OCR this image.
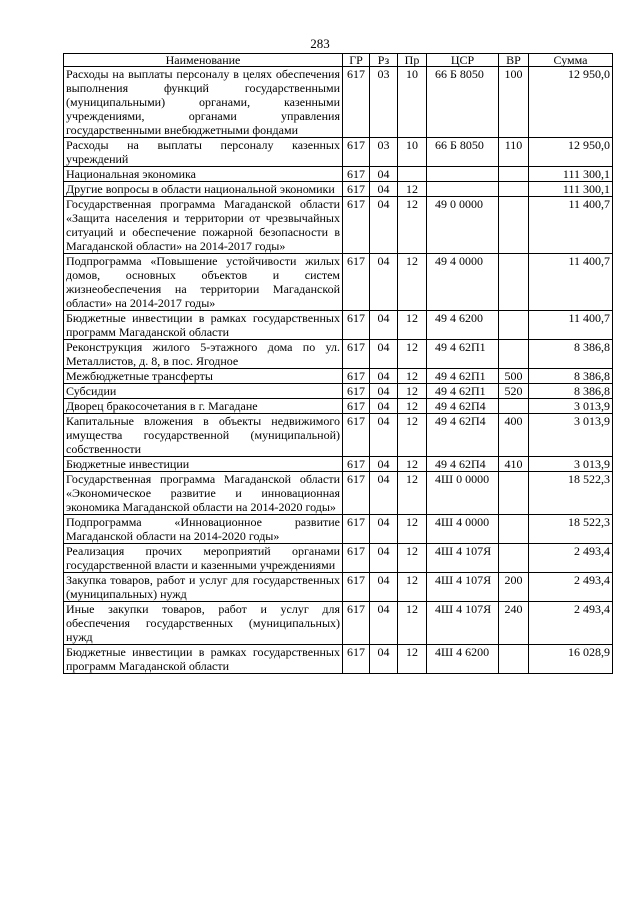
283
Наименование	ГР	Рз	Пр	ЦСР	ВР	Сумма
Расходы на выплаты персоналу в целях обеспечения выполнения функций государственными (муниципальными) органами, казенными учреждениями, органами управления государственными внебюджетными фондами	617	03	10	66 Б 8050	100	12 950,0
Расходы на выплаты персоналу казенных учреждений	617	03	10	66 Б 8050	110	12 950,0
Национальная экономика	617	04				111 300,1
Другие вопросы в области национальной экономики	617	04	12			111 300,1
Государственная программа Магаданской области «Защита населения и территории от чрезвычайных ситуаций и обеспечение пожарной безопасности в Магаданской области» на 2014-2017 годы»	617	04	12	49 0 0000		11 400,7
Подпрограмма «Повышение устойчивости жилых домов, основных объектов и систем жизнеобеспечения на территории Магаданской области» на 2014-2017 годы»	617	04	12	49 4 0000		11 400,7
Бюджетные инвестиции в рамках государственных программ Магаданской области	617	04	12	49 4 6200		11 400,7
Реконструкция жилого 5-этажного дома по ул. Металлистов, д. 8, в пос. Ягодное	617	04	12	49 4 62П1		8 386,8
Межбюджетные трансферты	617	04	12	49 4 62П1	500	8 386,8
Субсидии	617	04	12	49 4 62П1	520	8 386,8
Дворец бракосочетания в г. Магадане	617	04	12	49 4 62П4		3 013,9
Капитальные вложения в объекты недвижимого имущества государственной (муниципальной) собственности	617	04	12	49 4 62П4	400	3 013,9
Бюджетные инвестиции	617	04	12	49 4 62П4	410	3 013,9
Государственная программа Магаданской области «Экономическое развитие и инновационная экономика Магаданской области на 2014-2020 годы»	617	04	12	4Ш 0 0000		18 522,3
Подпрограмма «Инновационное развитие Магаданской области на 2014-2020 годы»	617	04	12	4Ш 4 0000		18 522,3
Реализация прочих мероприятий органами государственной власти и казенными учреждениями	617	04	12	4Ш 4 107Я		2 493,4
Закупка товаров, работ и услуг для государственных (муниципальных) нужд	617	04	12	4Ш 4 107Я	200	2 493,4
Иные закупки товаров, работ и услуг для обеспечения государственных (муниципальных) нужд	617	04	12	4Ш 4 107Я	240	2 493,4
Бюджетные инвестиции в рамках государственных программ Магаданской области	617	04	12	4Ш 4 6200		16 028,9
